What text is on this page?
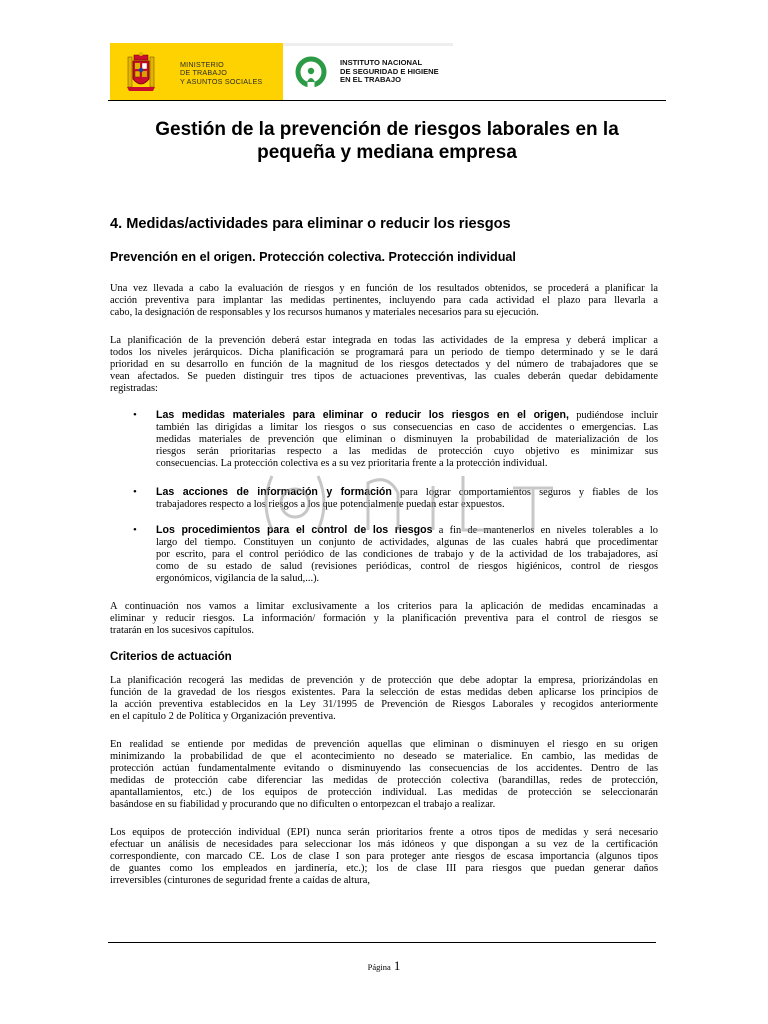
MINISTERIO
DE TRABAJO
Y ASUNTOS SOCIALES
INSTITUTO NACIONAL
DE SEGURIDAD E HIGIENE
EN EL TRABAJO
Gestión de la prevención de riesgos laborales en la
pequeña y mediana empresa
4. Medidas/actividades para eliminar o reducir los riesgos
Prevención en el origen. Protección colectiva. Protección individual

Una vez llevada a cabo la evaluación de riesgos y en función de los resultados obtenidos, se procederá a planificar la
acción preventiva para implantar las medidas pertinentes, incluyendo para cada actividad el plazo para llevarla a
cabo, la designación de responsables y los recursos humanos y materiales necesarios para su ejecución.

La planificación de la prevención deberá estar integrada en todas las actividades de la empresa y deberá implicar a
todos los niveles jerárquicos. Dicha planificación se programará para un periodo de tiempo determinado y se le dará
prioridad en su desarrollo en función de la magnitud de los riesgos detectados y del número de trabajadores que se
vean afectados. Se pueden distinguir tres tipos de actuaciones preventivas, las cuales deberán quedar debidamente
registradas:

• Las medidas materiales para eliminar o reducir los riesgos en el origen, pudiéndose incluir
también las dirigidas a limitar los riesgos o sus consecuencias en caso de accidentes o emergencias. Las
medidas materiales de prevención que eliminan o disminuyen la probabilidad de materialización de los
riesgos serán prioritarias respecto a las medidas de protección cuyo objetivo es minimizar sus
consecuencias. La protección colectiva es a su vez prioritaria frente a la protección individual.

• Las acciones de información y formación para lograr comportamientos seguros y fiables de los
trabajadores respecto a los riesgos a los que potencialmente puedan estar expuestos.

• Los procedimientos para el control de los riesgos a fin de mantenerlos en niveles tolerables a lo
largo del tiempo. Constituyen un conjunto de actividades, algunas de las cuales habrá que procedimentar
por escrito, para el control periódico de las condiciones de trabajo y de la actividad de los trabajadores, así
como de su estado de salud (revisiones periódicas, control de riesgos higiénicos, control de riesgos
ergonómicos, vigilancia de la salud,...).

A continuación nos vamos a limitar exclusivamente a los criterios para la aplicación de medidas encaminadas a
eliminar y reducir riesgos. La información/ formación y la planificación preventiva para el control de riesgos se
tratarán en los sucesivos capítulos.

Criterios de actuación

La planificación recogerá las medidas de prevención y de protección que debe adoptar la empresa, priorizándolas en
función de la gravedad de los riesgos existentes. Para la selección de estas medidas deben aplicarse los principios de
la acción preventiva establecidos en la Ley 31/1995 de Prevención de Riesgos Laborales y recogidos anteriormente
en el capítulo 2 de Política y Organización preventiva.

En realidad se entiende por medidas de prevención aquellas que eliminan o disminuyen el riesgo en su origen
minimizando la probabilidad de que el acontecimiento no deseado se materialice. En cambio, las medidas de
protección actúan fundamentalmente evitando o disminuyendo las consecuencias de los accidentes. Dentro de las
medidas de protección cabe diferenciar las medidas de protección colectiva (barandillas, redes de protección,
apantallamientos, etc.) de los equipos de protección individual. Las medidas de protección se seleccionarán
basándose en su fiabilidad y procurando que no dificulten o entorpezcan el trabajo a realizar.

Los equipos de protección individual (EPI) nunca serán prioritarios frente a otros tipos de medidas y será necesario
efectuar un análisis de necesidades para seleccionar los más idóneos y que dispongan a su vez de la certificación
correspondiente, con marcado CE. Los de clase I son para proteger ante riesgos de escasa importancia (algunos tipos
de guantes como los empleados en jardinería, etc.); los de clase III para riesgos que puedan generar daños
irreversibles (cinturones de seguridad frente a caídas de altura,

Página 1
